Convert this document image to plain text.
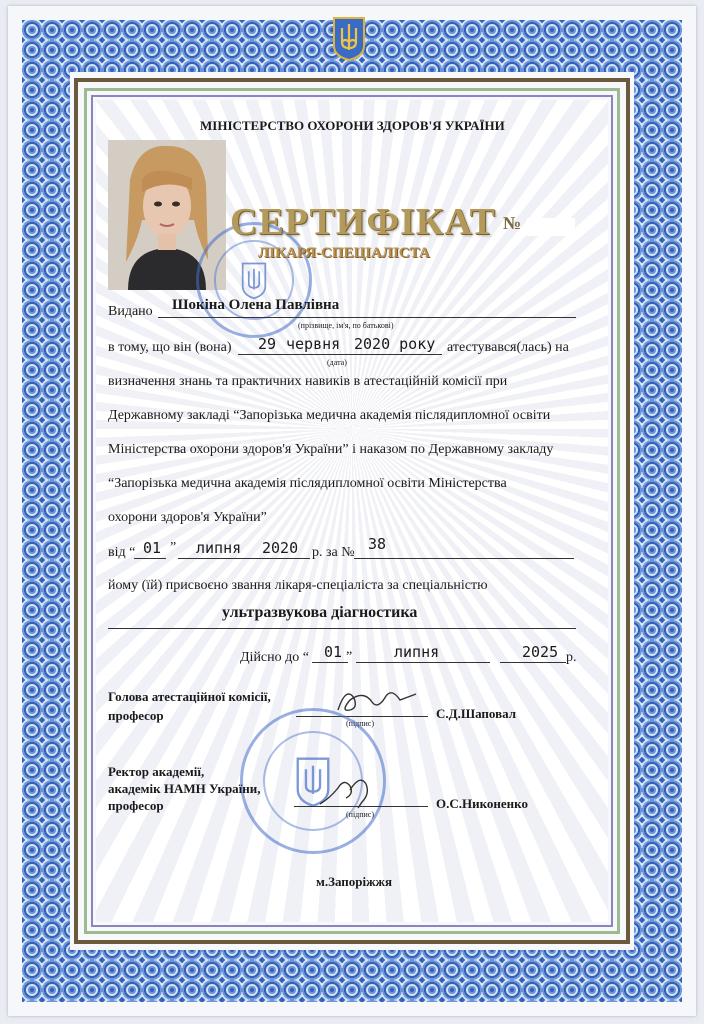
МІНІСТЕРСТВО ОХОРОНИ ЗДОРОВ'Я УКРАЇНИ
СЕРТИФІКАТ №
ЛІКАРЯ-СПЕЦІАЛІСТА
Видано Шокіна Олена Павлівна
(прізвище, ім'я, по батькові)
в тому, що він (вона) 29 червня 2020 року
(дата)
атестувався(лась) на
визначення знань та практичних навиків в атестаційній комісії при
Державному закладі “Запорізька медична академія післядипломної освіти
Міністерства охорони здоров'я України” і наказом по Державному закладу
“Запорізька медична академія післядипломної освіти Міністерства
охорони здоров'я України”
від “ 01 ” липня 2020 р. за № 38
йому (їй) присвоєно звання лікаря-спеціаліста за спеціальністю
ультразвукова діагностика
Дійсно до “ 01 „	липня	2025 р.
Голова атестаційної комісії,
професор
(підпис)
С.Д.Шаповал
Ректор академії,
академік НАМН України,
професор
(підпис)
О.С.Никоненко
м.Запоріжжя
